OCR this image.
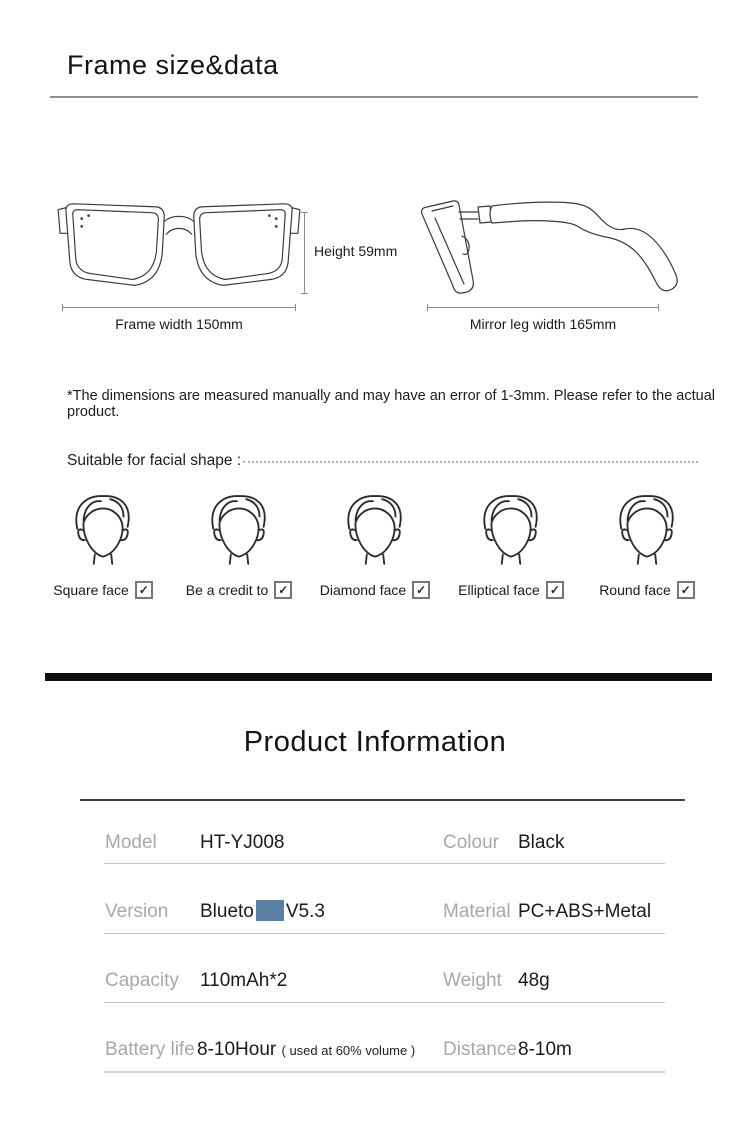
Frame size&data
Height 59mm
Frame width 150mm	Mirror leg width 165mm
*The dimensions are measured manually and may have an error of 1-3mm. Please refer to the actual product.
Suitable for facial shape :
Square face ✓	Be a credit to ✓ Diamond face ✓ Elliptical face ✓	Round face ✓
Product Information
Model HT-YJ008	Colour Black
Version Blueto V5.3	Material PC+ABS+Metal
Capacity 110mAh*2	Weight 48g
Battery life 8-10Hour ( used at 60% volume ) Distance 8-10m
